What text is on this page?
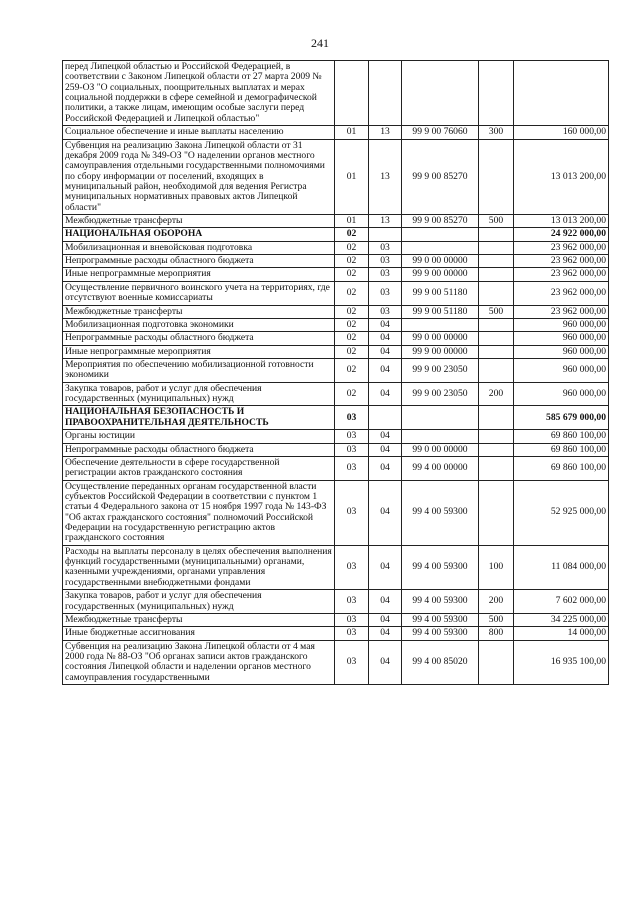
241
перед Липецкой областью и Российской Федерацией, в соответствии с Законом Липецкой области от 27 марта 2009 № 259-ОЗ "О социальных, поощрительных выплатах и мерах социальной поддержки в сфере семейной и демографической политики, а также лицам, имеющим особые заслуги перед Российской Федерацией и Липецкой областью"					
Социальное обеспечение и иные выплаты населению	01	13	99 9 00 76060	300	160 000,00
Субвенция на реализацию Закона Липецкой области от 31 декабря 2009 года № 349-ОЗ "О наделении органов местного самоуправления отдельными государственными полномочиями по сбору информации от поселений, входящих в муниципальный район, необходимой для ведения Регистра муниципальных нормативных правовых актов Липецкой области"	01	13	99 9 00 85270		13 013 200,00
Межбюджетные трансферты	01	13	99 9 00 85270	500	13 013 200,00
НАЦИОНАЛЬНАЯ ОБОРОНА	02				24 922 000,00
Мобилизационная и вневойсковая подготовка	02	03			23 962 000,00
Непрограммные расходы областного бюджета	02	03	99 0 00 00000		23 962 000,00
Иные непрограммные мероприятия	02	03	99 9 00 00000		23 962 000,00
Осуществление первичного воинского учета на территориях, где отсутствуют военные комиссариаты	02	03	99 9 00 51180		23 962 000,00
Межбюджетные трансферты	02	03	99 9 00 51180	500	23 962 000,00
Мобилизационная подготовка экономики	02	04			960 000,00
Непрограммные расходы областного бюджета	02	04	99 0 00 00000		960 000,00
Иные непрограммные мероприятия	02	04	99 9 00 00000		960 000,00
Мероприятия по обеспечению мобилизационной готовности экономики	02	04	99 9 00 23050		960 000,00
Закупка товаров, работ и услуг для обеспечения государственных (муниципальных) нужд	02	04	99 9 00 23050	200	960 000,00
НАЦИОНАЛЬНАЯ БЕЗОПАСНОСТЬ И ПРАВООХРАНИТЕЛЬНАЯ ДЕЯТЕЛЬНОСТЬ	03				585 679 000,00
Органы юстиции	03	04			69 860 100,00
Непрограммные расходы областного бюджета	03	04	99 0 00 00000		69 860 100,00
Обеспечение деятельности в сфере государственной регистрации актов гражданского состояния	03	04	99 4 00 00000		69 860 100,00
Осуществление переданных органам государственной власти субъектов Российской Федерации в соответствии с пунктом 1 статьи 4 Федерального закона от 15 ноября 1997 года № 143-ФЗ "Об актах гражданского состояния" полномочий Российской Федерации на государственную регистрацию актов гражданского состояния	03	04	99 4 00 59300		52 925 000,00
Расходы на выплаты персоналу в целях обеспечения выполнения функций государственными (муниципальными) органами, казенными учреждениями, органами управления государственными внебюджетными фондами	03	04	99 4 00 59300	100	11 084 000,00
Закупка товаров, работ и услуг для обеспечения государственных (муниципальных) нужд	03	04	99 4 00 59300	200	7 602 000,00
Межбюджетные трансферты	03	04	99 4 00 59300	500	34 225 000,00
Иные бюджетные ассигнования	03	04	99 4 00 59300	800	14 000,00
Субвенция на реализацию Закона Липецкой области от 4 мая 2000 года № 88-ОЗ "Об органах записи актов гражданского состояния Липецкой области и наделении органов местного самоуправления государственными	03	04	99 4 00 85020		16 935 100,00
